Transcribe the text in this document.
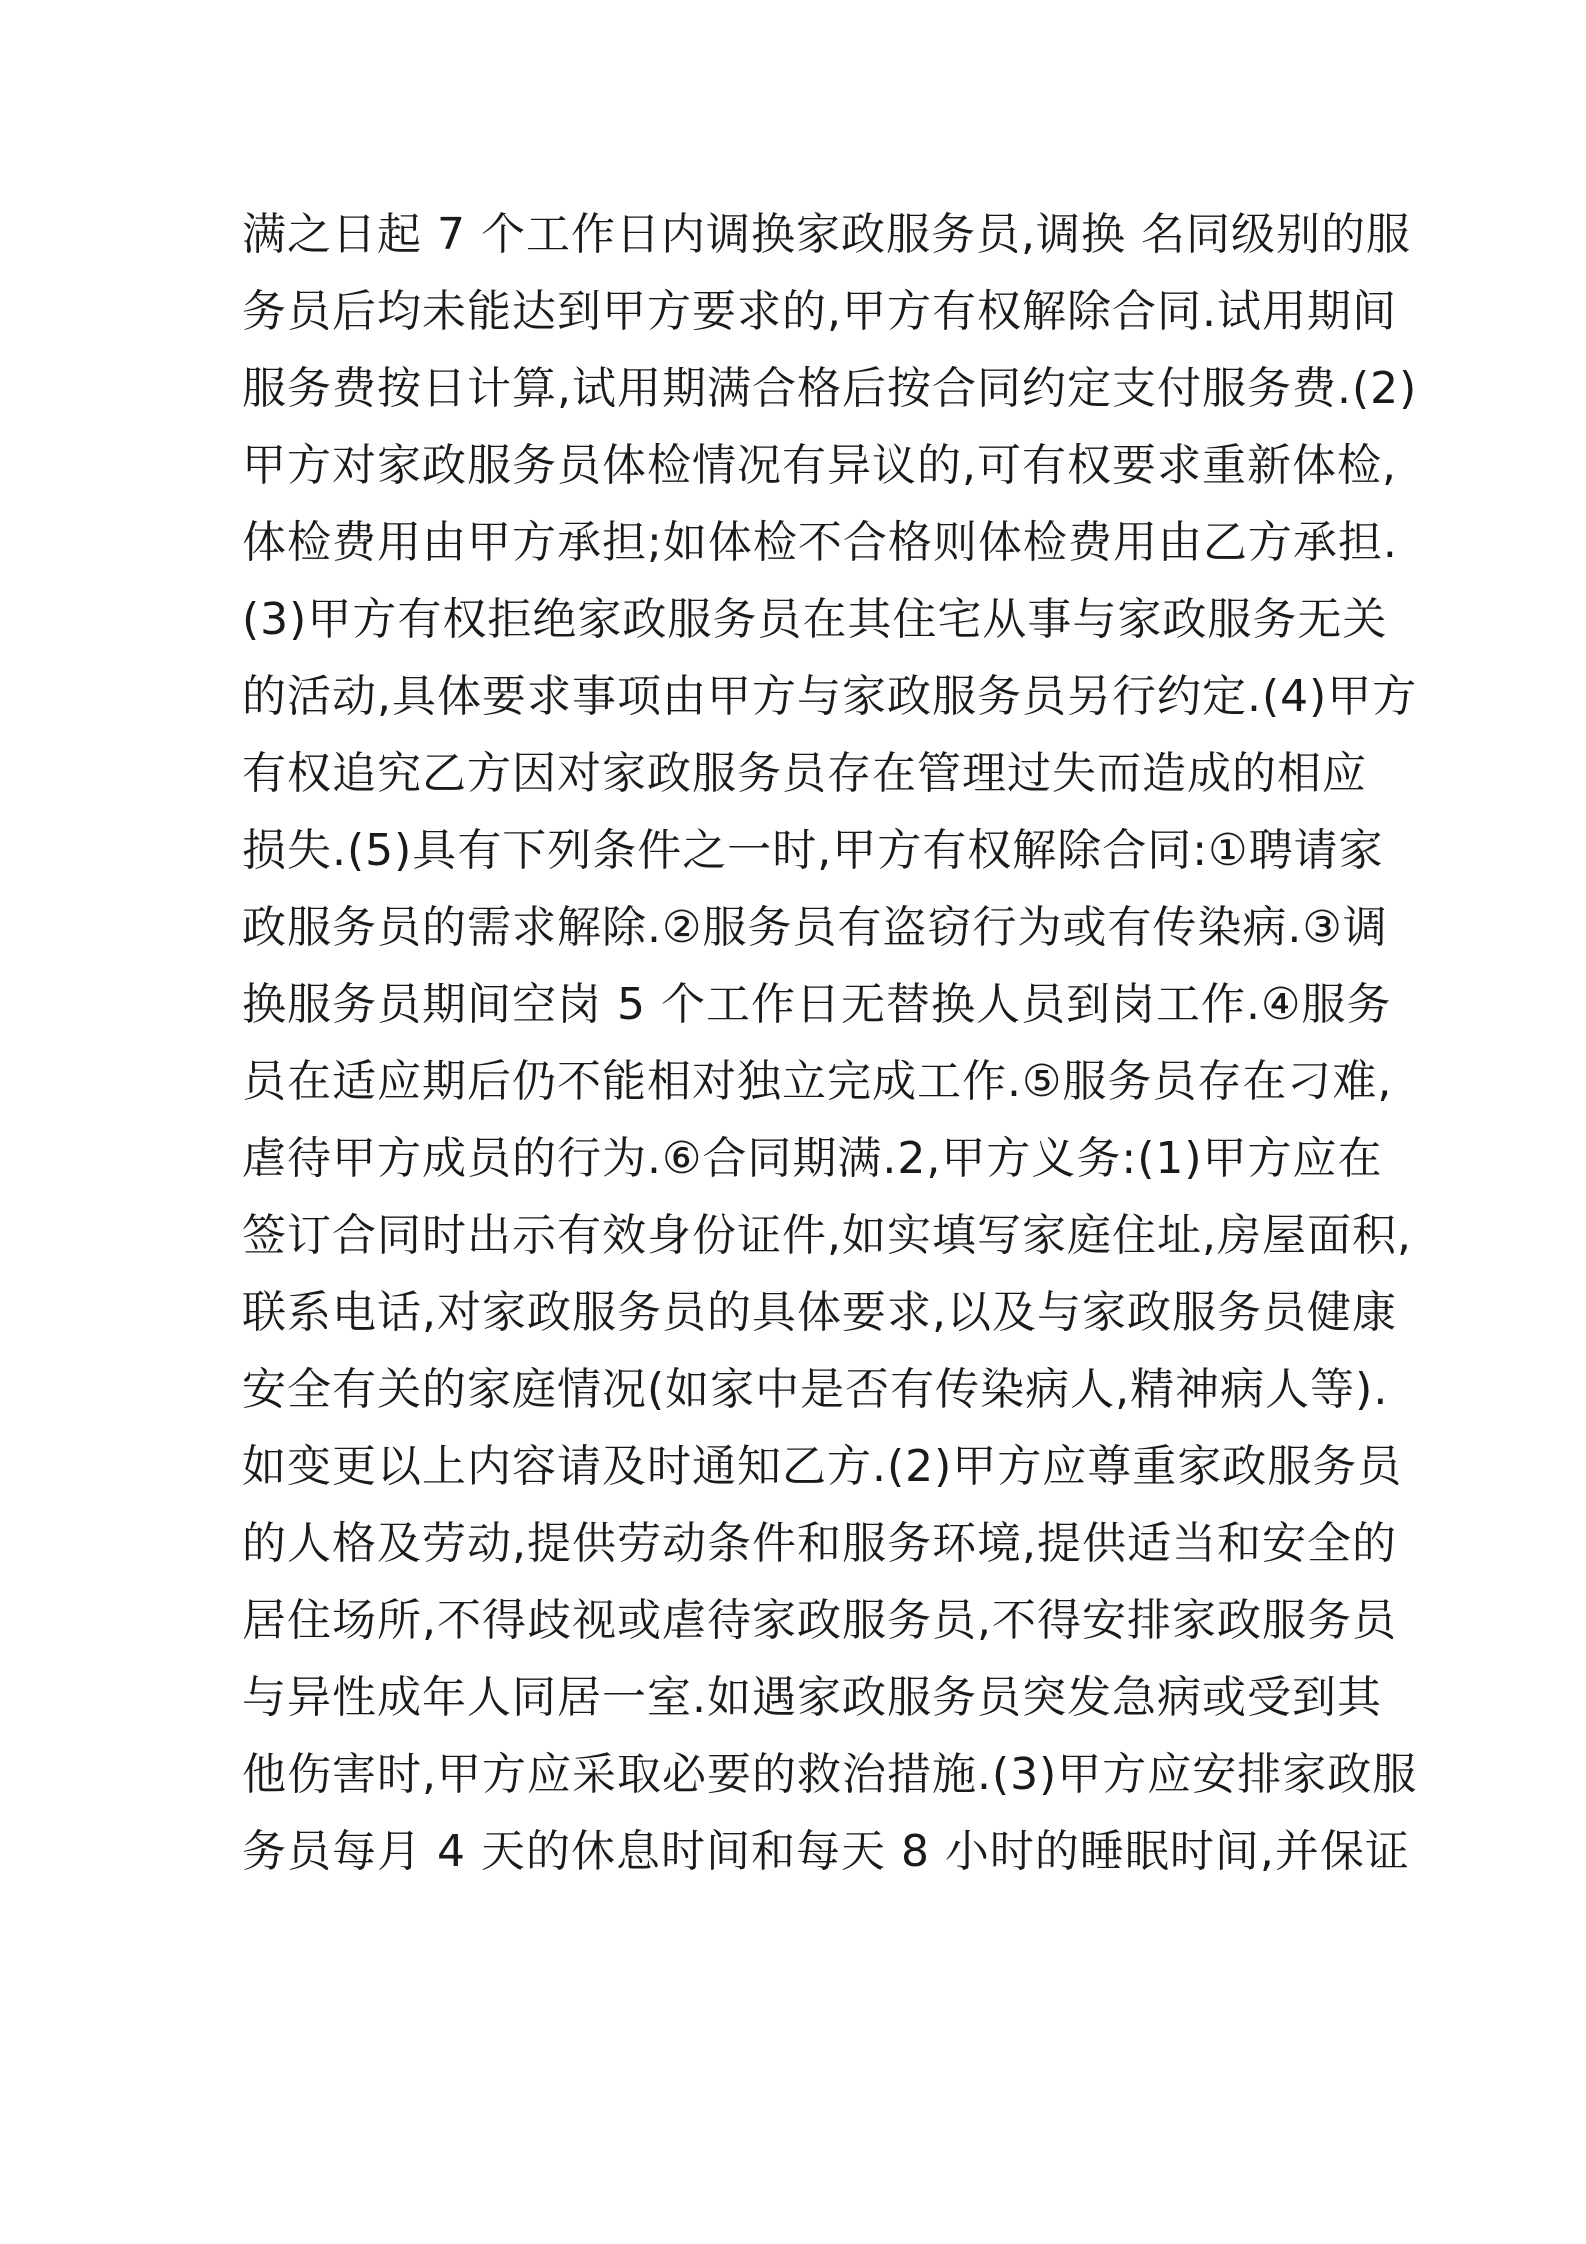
满之日起 7 个工作日内调换家政服务员,调换 名同级别的服
务员后均未能达到甲方要求的,甲方有权解除合同.试用期间
服务费按日计算,试用期满合格后按合同约定支付服务费.(2)
甲方对家政服务员体检情况有异议的,可有权要求重新体检,
体检费用由甲方承担;如体检不合格则体检费用由乙方承担.
(3)甲方有权拒绝家政服务员在其住宅从事与家政服务无关
的活动,具体要求事项由甲方与家政服务员另行约定.(4)甲方
有权追究乙方因对家政服务员存在管理过失而造成的相应
损失.(5)具有下列条件之一时,甲方有权解除合同:①聘请家
政服务员的需求解除.②服务员有盗窃行为或有传染病.③调
换服务员期间空岗 5 个工作日无替换人员到岗工作.④服务
员在适应期后仍不能相对独立完成工作.⑤服务员存在刁难,
虐待甲方成员的行为.⑥合同期满.2,甲方义务:(1)甲方应在
签订合同时出示有效身份证件,如实填写家庭住址,房屋面积,
联系电话,对家政服务员的具体要求,以及与家政服务员健康
安全有关的家庭情况(如家中是否有传染病人,精神病人等).
如变更以上内容请及时通知乙方.(2)甲方应尊重家政服务员
的人格及劳动,提供劳动条件和服务环境,提供适当和安全的
居住场所,不得歧视或虐待家政服务员,不得安排家政服务员
与异性成年人同居一室.如遇家政服务员突发急病或受到其
他伤害时,甲方应采取必要的救治措施.(3)甲方应安排家政服
务员每月 4 天的休息时间和每天 8 小时的睡眠时间,并保证
